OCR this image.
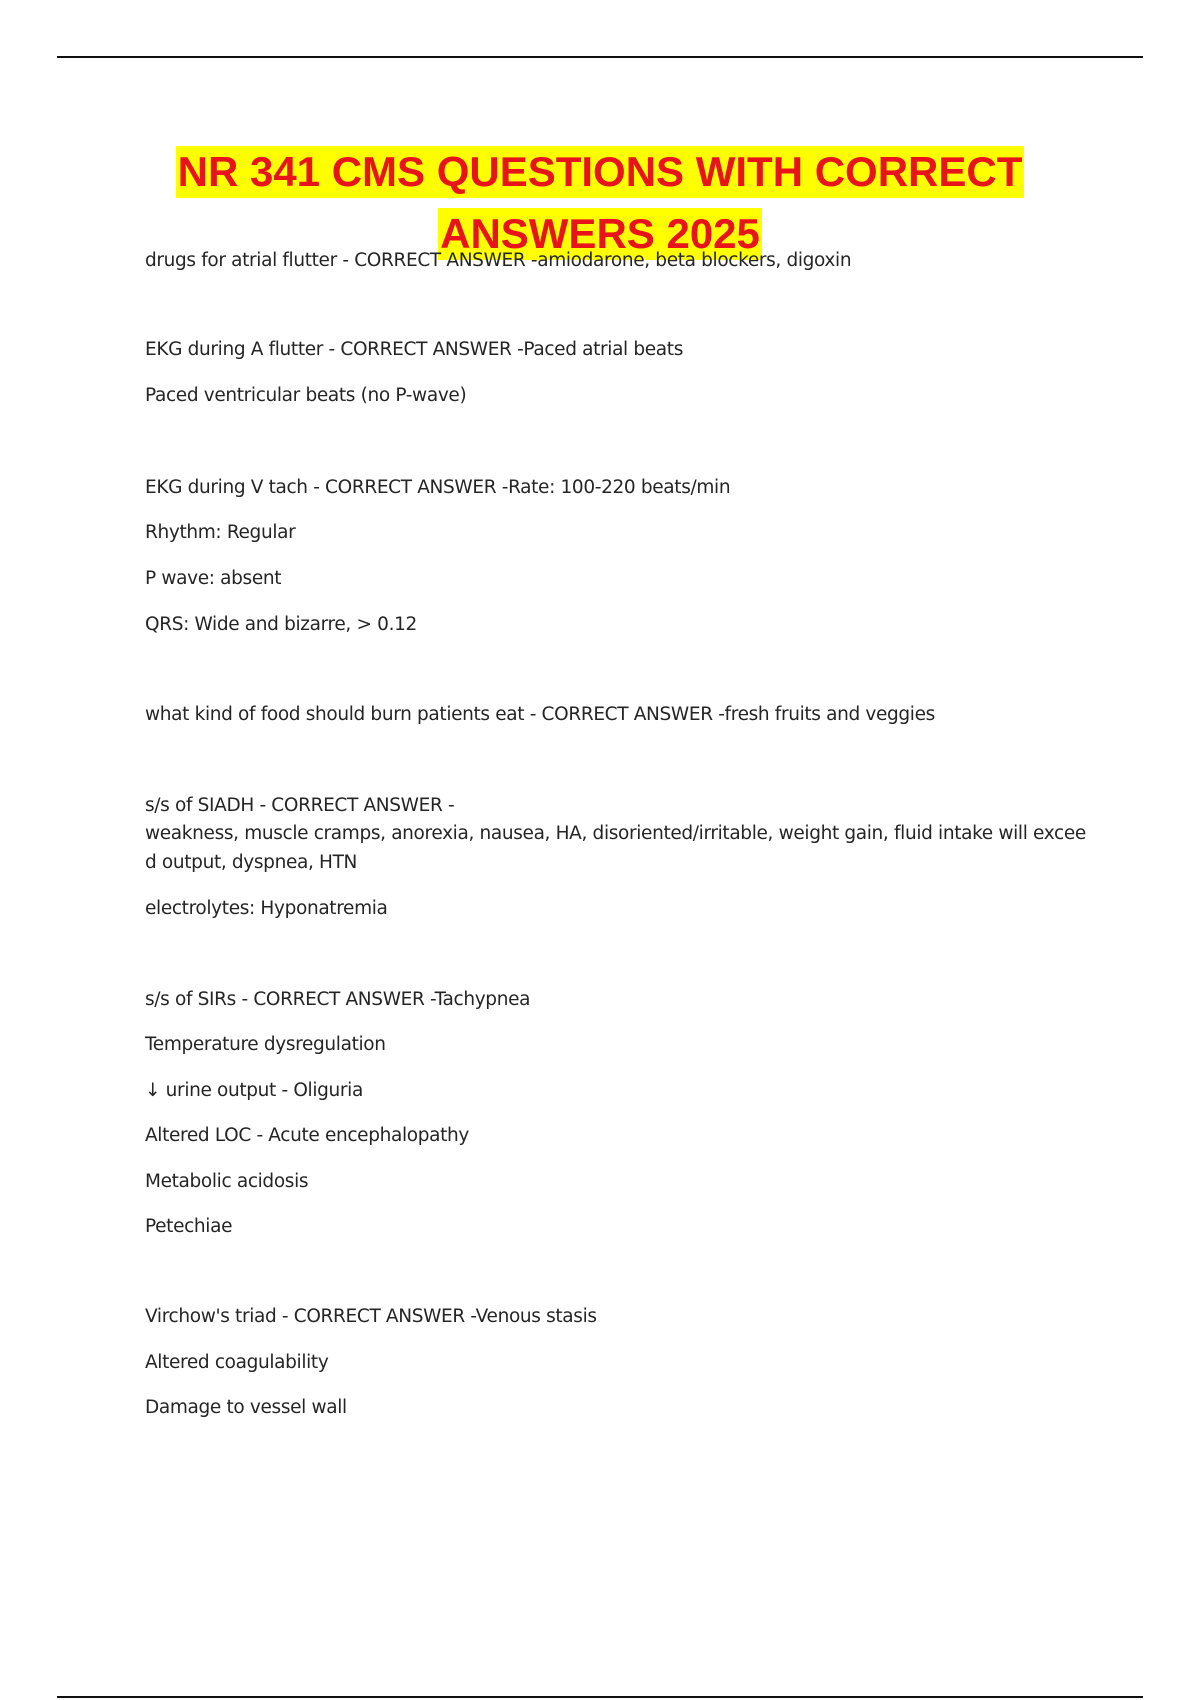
NR 341 CMS QUESTIONS WITH CORRECT
ANSWERS 2025

drugs for atrial flutter - CORRECT ANSWER -amiodarone, beta blockers, digoxin

EKG during A flutter - CORRECT ANSWER -Paced atrial beats

Paced ventricular beats (no P-wave)

EKG during V tach - CORRECT ANSWER -Rate: 100-220 beats/min

Rhythm: Regular

P wave: absent

QRS: Wide and bizarre, > 0.12

what kind of food should burn patients eat - CORRECT ANSWER -fresh fruits and veggies

s/s of SIADH - CORRECT ANSWER -

weakness, muscle cramps, anorexia, nausea, HA, disoriented/irritable, weight gain, fluid intake will excee

d output, dyspnea, HTN

electrolytes: Hyponatremia

s/s of SIRs - CORRECT ANSWER -Tachypnea

Temperature dysregulation

↓ urine output - Oliguria

Altered LOC - Acute encephalopathy

Metabolic acidosis

Petechiae

Virchow's triad - CORRECT ANSWER -Venous stasis

Altered coagulability

Damage to vessel wall
